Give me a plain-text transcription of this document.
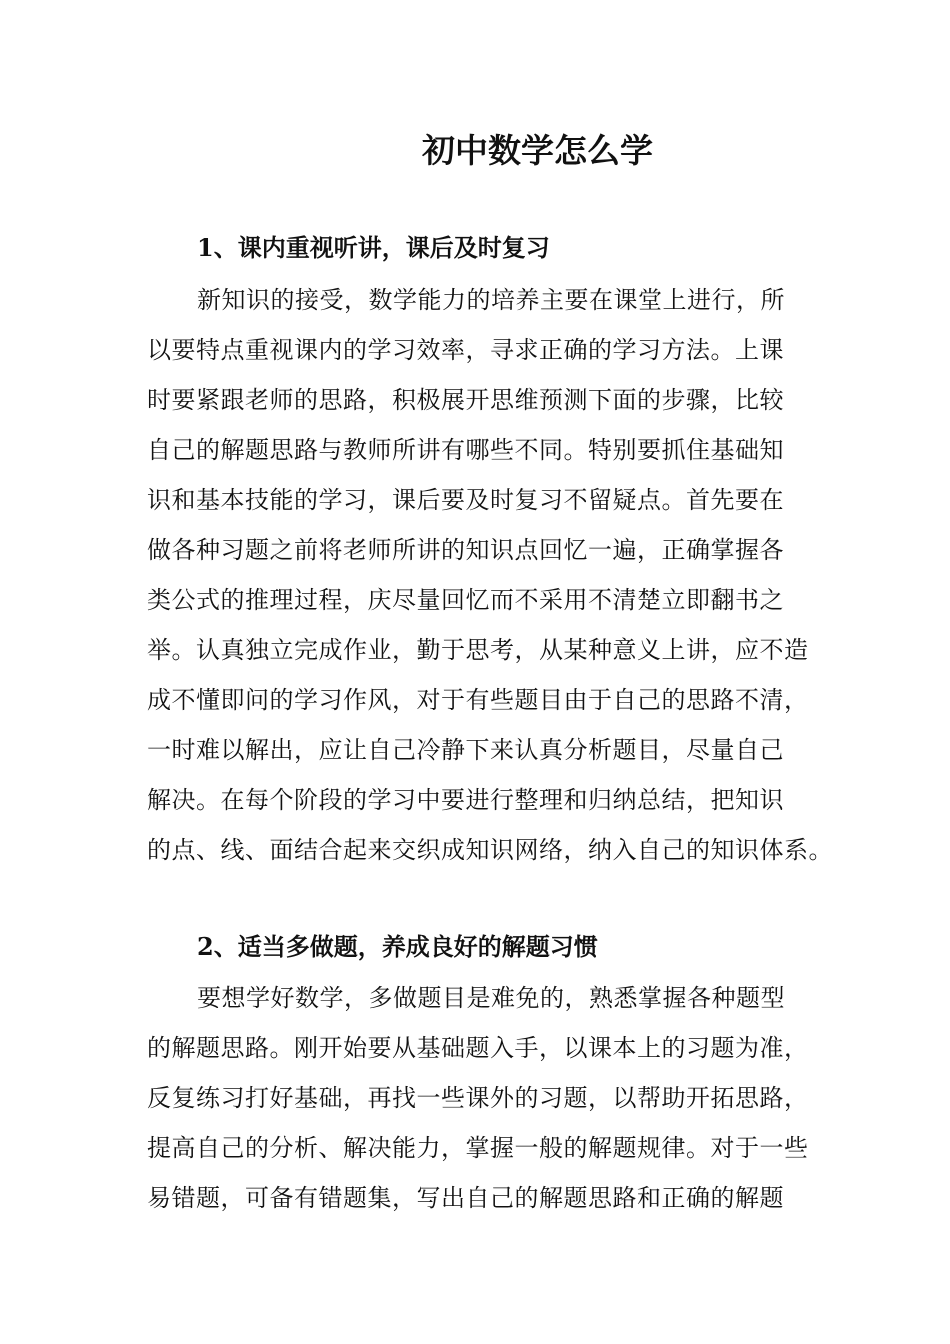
初中数学怎么学
1、课内重视听讲，课后及时复习

新知识的接受，数学能力的培养主要在课堂上进行，所

以要特点重视课内的学习效率，寻求正确的学习方法。上课

时要紧跟老师的思路，积极展开思维预测下面的步骤，比较

自己的解题思路与教师所讲有哪些不同。特别要抓住基础知

识和基本技能的学习，课后要及时复习不留疑点。首先要在

做各种习题之前将老师所讲的知识点回忆一遍，正确掌握各

类公式的推理过程，庆尽量回忆而不采用不清楚立即翻书之

举。认真独立完成作业，勤于思考，从某种意义上讲，应不造

成不懂即问的学习作风，对于有些题目由于自己的思路不清，

一时难以解出，应让自己冷静下来认真分析题目，尽量自己

解决。在每个阶段的学习中要进行整理和归纳总结，把知识

的点、线、面结合起来交织成知识网络，纳入自己的知识体系。

2、适当多做题，养成良好的解题习惯

要想学好数学，多做题目是难免的，熟悉掌握各种题型

的解题思路。刚开始要从基础题入手，以课本上的习题为准，

反复练习打好基础，再找一些课外的习题，以帮助开拓思路，

提高自己的分析、解决能力，掌握一般的解题规律。对于一些

易错题，可备有错题集，写出自己的解题思路和正确的解题
